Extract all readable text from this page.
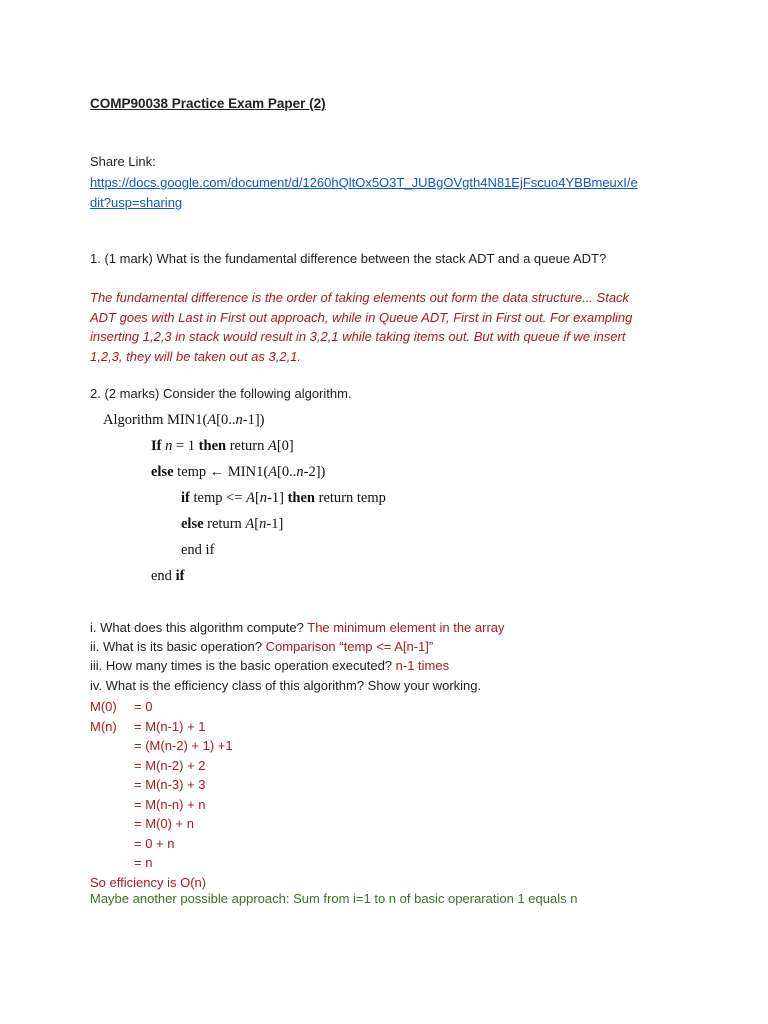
COMP90038 Practice Exam Paper (2)
Share Link:
https://docs.google.com/document/d/1260hQltOx5O3T_JUBgOVgth4N81EjFscuo4YBBmeuxI/e
dit?usp=sharing
1. (1 mark) What is the fundamental difference between the stack ADT and a queue ADT?
The fundamental difference is the order of taking elements out form the data structure... Stack
ADT goes with Last in First out approach, while in Queue ADT, First in First out. For exampling
inserting 1,2,3 in stack would result in 3,2,1 while taking items out. But with queue if we insert
1,2,3, they will be taken out as 3,2,1.
2. (2 marks) Consider the following algorithm.
Algorithm MIN1(A[0..n-1])
If n = 1 then return A[0]
else temp ← MIN1(A[0..n-2])
if temp <= A[n-1] then return temp
else return A[n-1]
end if
end if
i. What does this algorithm compute? The minimum element in the array
ii. What is its basic operation? Comparison “temp <= A[n-1]”
iii. How many times is the basic operation executed? n-1 times
iv. What is the efficiency class of this algorithm? Show your working.
M(0) = 0
M(n) = M(n-1) + 1
= (M(n-2) + 1) +1
= M(n-2) + 2
= M(n-3) + 3
= M(n-n) + n
= M(0) + n
= 0 + n
= n
So efficiency is O(n)
Maybe another possible approach: Sum from i=1 to n of basic operaration 1 equals n
